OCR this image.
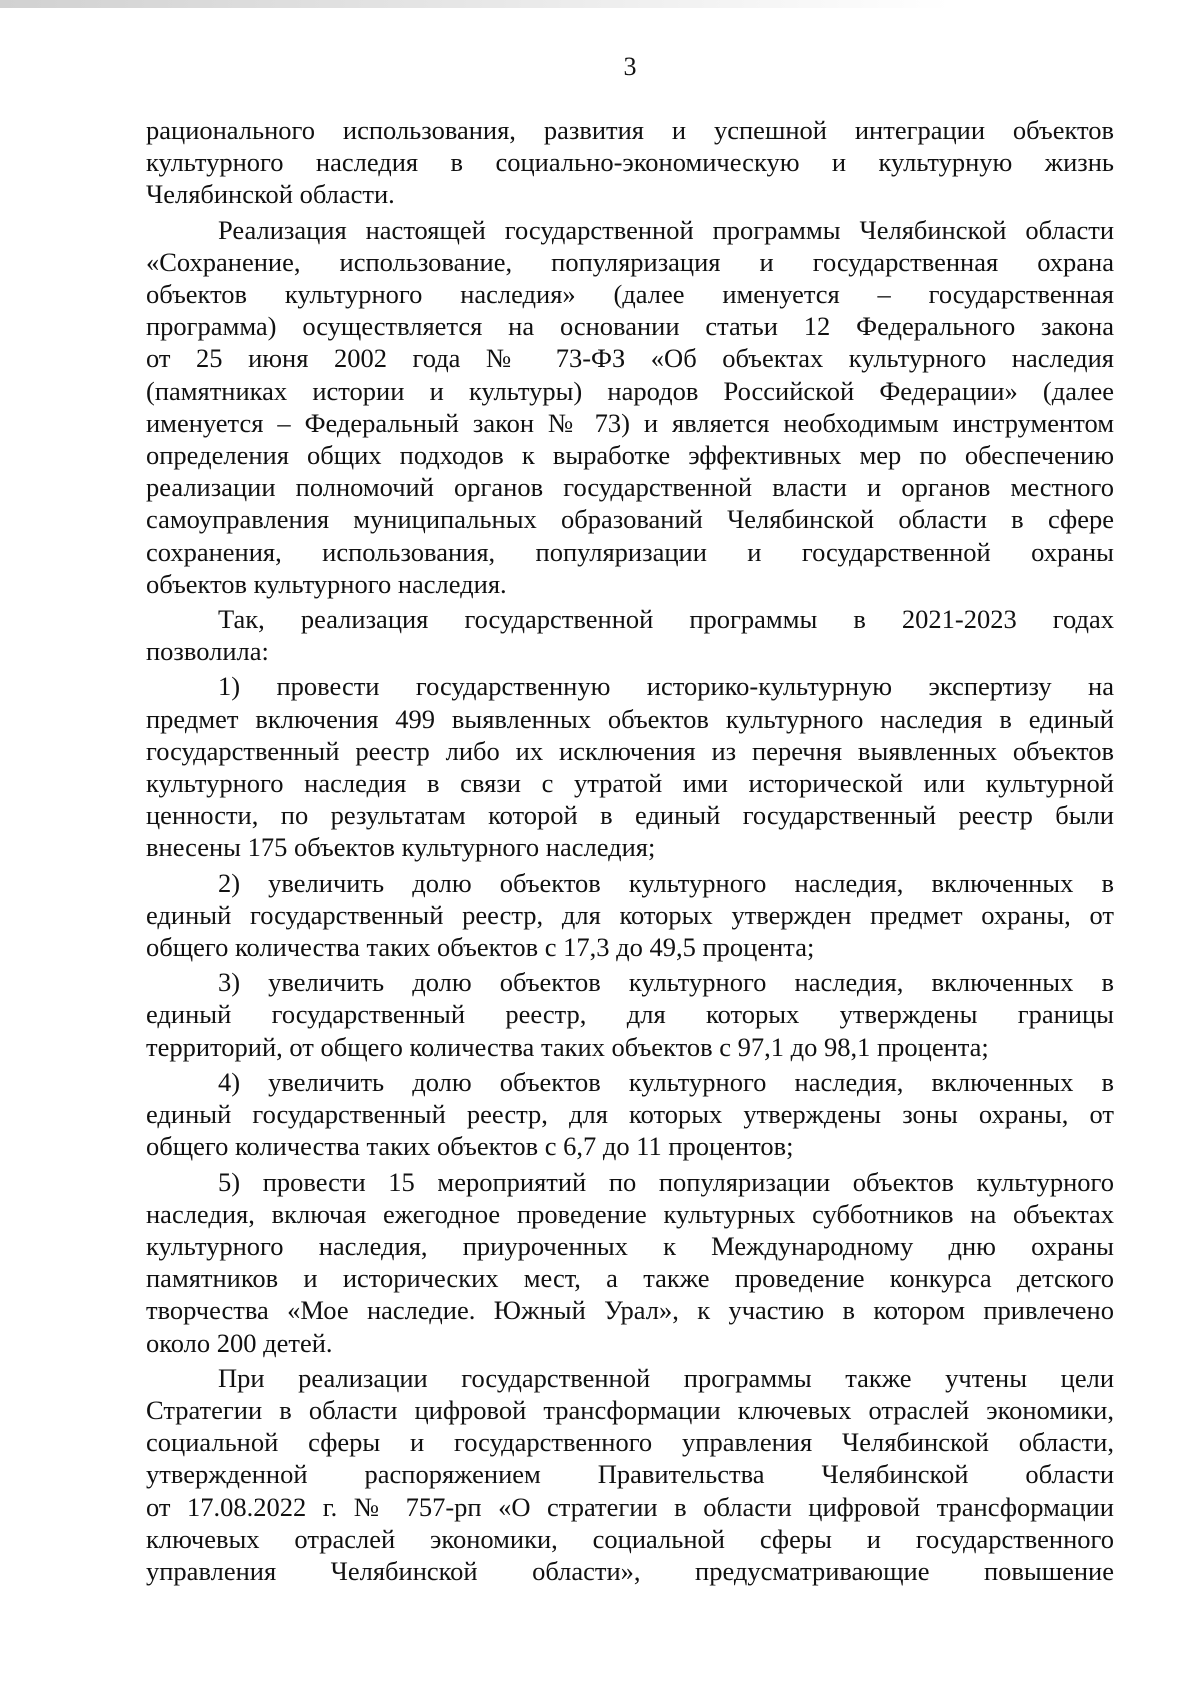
3

рационального использования, развития и успешной интеграции объектов
культурного наследия в социально-экономическую и культурную жизнь
Челябинской области.

Реализация настоящей государственной программы Челябинской области
«Сохранение, использование, популяризация и государственная охрана
объектов культурного наследия» (далее именуется – государственная
программа) осуществляется на основании статьи 12 Федерального закона
от 25 июня 2002 года № 73-ФЗ «Об объектах культурного наследия
(памятниках истории и культуры) народов Российской Федерации» (далее
именуется – Федеральный закон № 73) и является необходимым инструментом
определения общих подходов к выработке эффективных мер по обеспечению
реализации полномочий органов государственной власти и органов местного
самоуправления муниципальных образований Челябинской области в сфере
сохранения, использования, популяризации и государственной охраны
объектов культурного наследия.

Так, реализация государственной программы в 2021-2023 годах
позволила:

1) провести государственную историко-культурную экспертизу на
предмет включения 499 выявленных объектов культурного наследия в единый
государственный реестр либо их исключения из перечня выявленных объектов
культурного наследия в связи с утратой ими исторической или культурной
ценности, по результатам которой в единый государственный реестр были
внесены 175 объектов культурного наследия;

2) увеличить долю объектов культурного наследия, включенных в
единый государственный реестр, для которых утвержден предмет охраны, от
общего количества таких объектов с 17,3 до 49,5 процента;

3) увеличить долю объектов культурного наследия, включенных в
единый государственный реестр, для которых утверждены границы
территорий, от общего количества таких объектов с 97,1 до 98,1 процента;

4) увеличить долю объектов культурного наследия, включенных в
единый государственный реестр, для которых утверждены зоны охраны, от
общего количества таких объектов с 6,7 до 11 процентов;

5) провести 15 мероприятий по популяризации объектов культурного
наследия, включая ежегодное проведение культурных субботников на объектах
культурного наследия, приуроченных к Международному дню охраны
памятников и исторических мест, а также проведение конкурса детского
творчества «Мое наследие. Южный Урал», к участию в котором привлечено
около 200 детей.

При реализации государственной программы также учтены цели
Стратегии в области цифровой трансформации ключевых отраслей экономики,
социальной сферы и государственного управления Челябинской области,
утвержденной распоряжением Правительства Челябинской области
от 17.08.2022 г. № 757-рп «О стратегии в области цифровой трансформации
ключевых отраслей экономики, социальной сферы и государственного
управления Челябинской области», предусматривающие повышение
